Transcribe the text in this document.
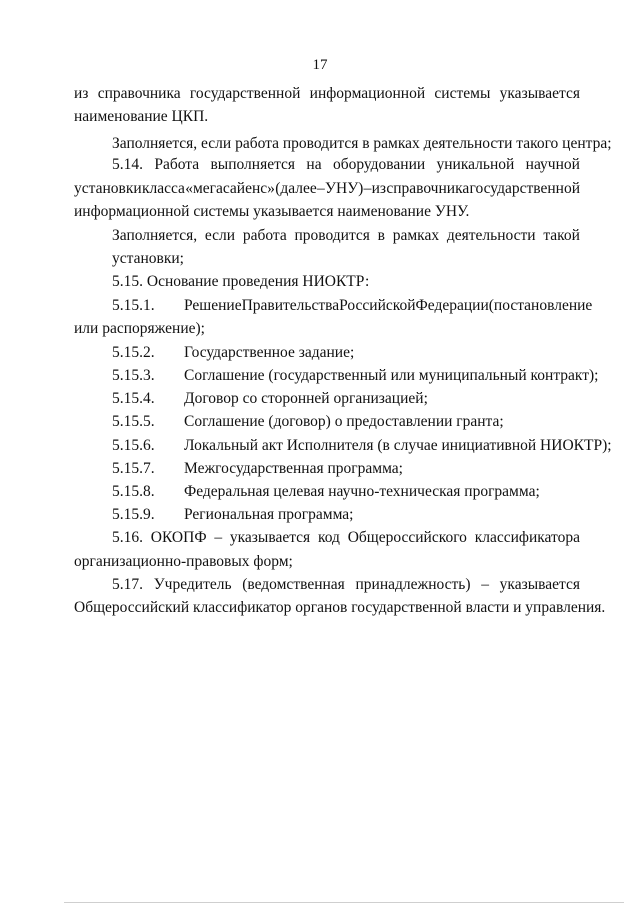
17
из справочника государственной информационной системы указывается
наименование ЦКП.
Заполняется, если работа проводится в рамках деятельности такого центра;
5.14. Работа выполняется на оборудовании уникальной научной
установки класса «мегасайенс» (далее – УНУ) – из справочника государственной
информационной системы указывается наименование УНУ.
Заполняется, если работа проводится в рамках деятельности такой
установки;
5.15. Основание проведения НИОКТР:
5.15.1. Решение Правительства Российской Федерации (постановление
или распоряжение);
5.15.2. Государственное задание;
5.15.3. Соглашение (государственный или муниципальный контракт);
5.15.4. Договор со сторонней организацией;
5.15.5. Соглашение (договор) о предоставлении гранта;
5.15.6. Локальный акт Исполнителя (в случае инициативной НИОКТР);
5.15.7. Межгосударственная программа;
5.15.8. Федеральная целевая научно-техническая программа;
5.15.9. Региональная программа;
5.16. ОКОПФ – указывается код Общероссийского классификатора
организационно-правовых форм;
5.17. Учредитель (ведомственная принадлежность) – указывается
Общероссийский классификатор органов государственной власти и управления.
